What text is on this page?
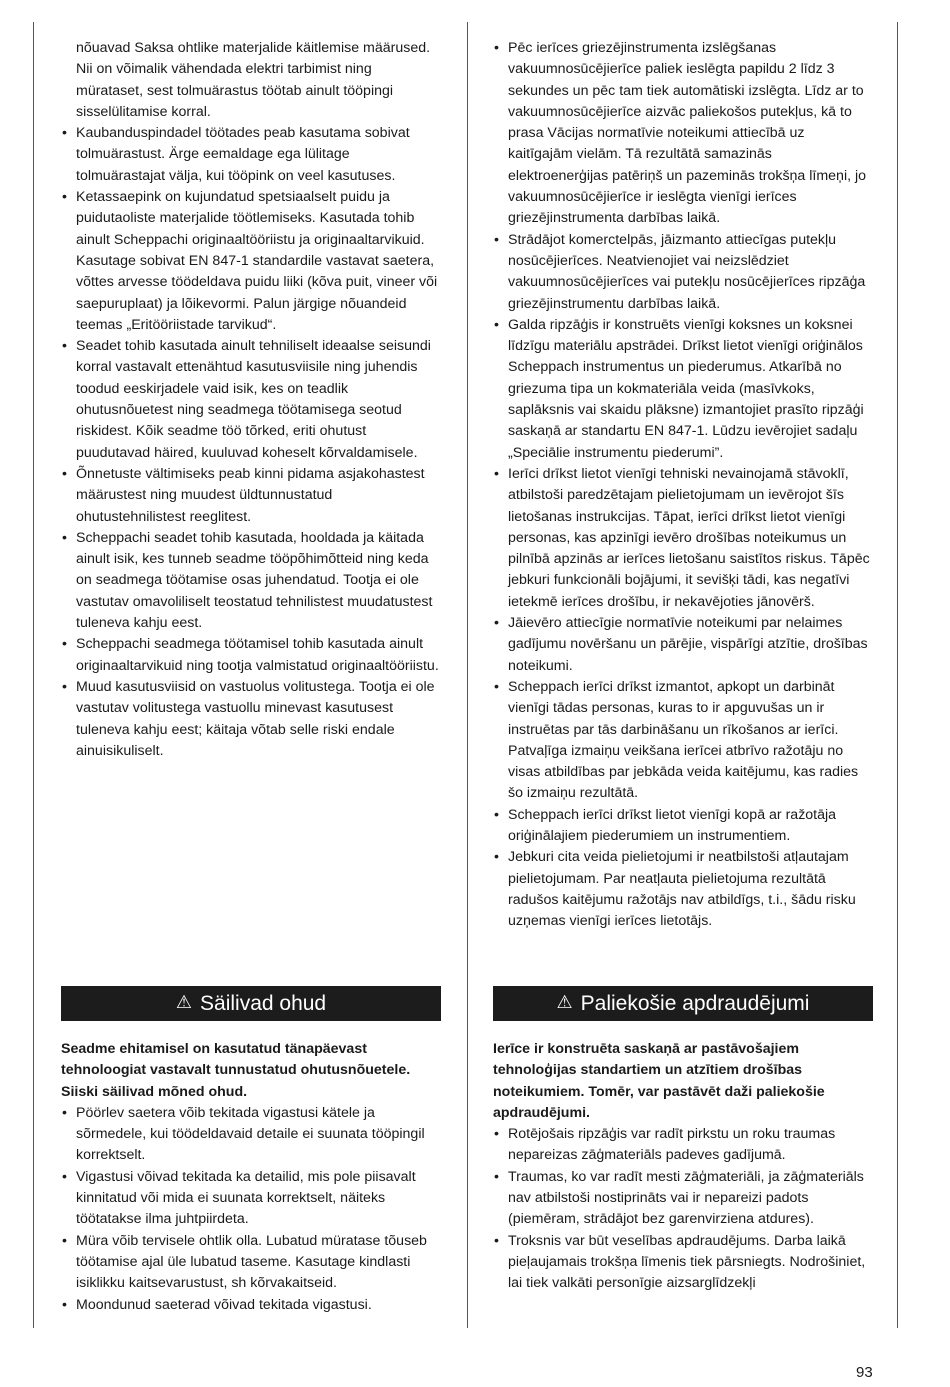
nõuavad Saksa ohtlike materjalide käitlemise määrused. Nii on võimalik vähendada elektri tarbimist ning mürataset, sest tolmuärastus töötab ainult tööpingi sisselülitamise korral.

• Kaubanduspindadel töötades peab kasutama sobivat tolmuärastust. Ärge eemaldage ega lülitage tolmuärastajat välja, kui tööpink on veel kasutuses.
• Ketassaepink on kujundatud spetsiaalselt puidu ja puidutaoliste materjalide töötlemiseks. Kasutada tohib ainult Scheppachi originaaltööriistu ja originaaltarvikuid. Kasutage sobivat EN 847-1 standardile vastavat saetera, võttes arvesse töödeldava puidu liiki (kõva puit, vineer või saepuruplaat) ja lõikevormi. Palun järgige nõuandeid teemas „Eritööriistade tarvikud“.
• Seadet tohib kasutada ainult tehniliselt ideaalse seisundi korral vastavalt ettenähtud kasutusviisile ning juhendis toodud eeskirjadele vaid isik, kes on teadlik ohutusnõuetest ning seadmega töötamisega seotud riskidest. Kõik seadme töö tõrked, eriti ohutust puudutavad häired, kuuluvad koheselt kõrvaldamisele.
• Õnnetuste vältimiseks peab kinni pidama asjakohastest määrustest ning muudest üldtunnustatud ohutustehnilistest reeglitest.
• Scheppachi seadet tohib kasutada, hooldada ja käitada ainult isik, kes tunneb seadme tööpõhimõtteid ning keda on seadmega töötamise osas juhendatud. Tootja ei ole vastutav omavoliliselt teostatud tehnilistest muudatustest tuleneva kahju eest.
• Scheppachi seadmega töötamisel tohib kasutada ainult originaaltarvikuid ning tootja valmistatud originaaltööriistu.
• Muud kasutusviisid on vastuolus volitustega. Tootja ei ole vastutav volitustega vastuollu minevast kasutusest tuleneva kahju eest; käitaja võtab selle riski endale ainuisikuliselt.
• Pēc ierīces griezējinstrumenta izslēgšanas vakuumnosūcējierīce paliek ieslēgta papildu 2 līdz 3 sekundes un pēc tam tiek automātiski izslēgta. Līdz ar to vakuumnosūcējierīce aizvāc paliekošos putekļus, kā to prasa Vācijas normatīvie noteikumi attiecībā uz kaitīgajām vielām. Tā rezultātā samazinās elektroenerģijas patēriņš un pazeminās trokšņa līmeņi, jo vakuumnosūcējierīce ir ieslēgta vienīgi ierīces griezējinstrumenta darbības laikā.
• Strādājot komerctelpās, jāizmanto attiecīgas putekļu nosūcējierīces. Neatvienojiet vai neizslēdziet vakuumnosūcējierīces vai putekļu nosūcējierīces ripzāģa griezējinstrumentu darbības laikā.
• Galda ripzāģis ir konstruēts vienīgi koksnes un koksnei līdzīgu materiālu apstrādei. Drīkst lietot vienīgi oriģinālos Scheppach instrumentus un piederumus. Atkarībā no griezuma tipa un kokmateriāla veida (masīvkoks, saplāksnis vai skaidu plāksne) izmantojiet prasīto ripzāģi saskaņā ar standartu EN 847-1. Lūdzu ievērojiet sadaļu „Speciālie instrumentu piederumi”.
• Ierīci drīkst lietot vienīgi tehniski nevainojamā stāvoklī, atbilstoši paredzētajam pielietojumam un ievērojot šīs lietošanas instrukcijas. Tāpat, ierīci drīkst lietot vienīgi personas, kas apzinīgi ievēro drošības noteikumus un pilnībā apzinās ar ierīces lietošanu saistītos riskus. Tāpēc jebkuri funkcionāli bojājumi, it sevišķi tādi, kas negatīvi ietekmē ierīces drošību, ir nekavējoties jānovērš.
• Jāievēro attiecīgie normatīvie noteikumi par nelaimes gadījumu novēršanu un pārējie, vispārīgi atzītie, drošības noteikumi.
• Scheppach ierīci drīkst izmantot, apkopt un darbināt vienīgi tādas personas, kuras to ir apguvušas un ir instruētas par tās darbināšanu un rīkošanos ar ierīci. Patvaļīga izmaiņu veikšana ierīcei atbrīvo ražotāju no visas atbildības par jebkāda veida kaitējumu, kas radies šo izmaiņu rezultātā.
• Scheppach ierīci drīkst lietot vienīgi kopā ar ražotāja oriģinālajiem piederumiem un instrumentiem.
• Jebkuri cita veida pielietojumi ir neatbilstoši atļautajam pielietojumam. Par neatļauta pielietojuma rezultātā radušos kaitējumu ražotājs nav atbildīgs, t.i., šādu risku uzņemas vienīgi ierīces lietotājs.
⚠ Säilivad ohud

Seadme ehitamisel on kasutatud tänapäevast tehnoloogiat vastavalt tunnustatud ohutusnõuetele. Siiski säilivad mõned ohud.

• Pöörlev saetera võib tekitada vigastusi kätele ja sõrmedele, kui töödeldavaid detaile ei suunata tööpingil korrektselt.
• Vigastusi võivad tekitada ka detailid, mis pole piisavalt kinnitatud või mida ei suunata korrektselt, näiteks töötatakse ilma juhtpiirdeta.
• Müra võib tervisele ohtlik olla. Lubatud müratase tõuseb töötamise ajal üle lubatud taseme. Kasutage kindlasti isiklikku kaitsevarustust, sh kõrvakaitseid.
• Moondunud saeterad võivad tekitada vigastusi.
⚠ Paliekošie apdraudējumi

Ierīce ir konstruēta saskaņā ar pastāvošajiem tehnoloģijas standartiem un atzītiem drošības noteikumiem. Tomēr, var pastāvēt daži paliekošie apdraudējumi.

• Rotējošais ripzāģis var radīt pirkstu un roku traumas nepareizas zāģmateriāls padeves gadījumā.
• Traumas, ko var radīt mesti zāģmateriāli, ja zāģmateriāls nav atbilstoši nostiprināts vai ir nepareizi padots (piemēram, strādājot bez garenvirziena atdures).
• Troksnis var būt veselības apdraudējums. Darba laikā pieļaujamais trokšņa līmenis tiek pārsniegts. Nodrošiniet, lai tiek valkāti personīgie aizsarglīdzekļi
93
